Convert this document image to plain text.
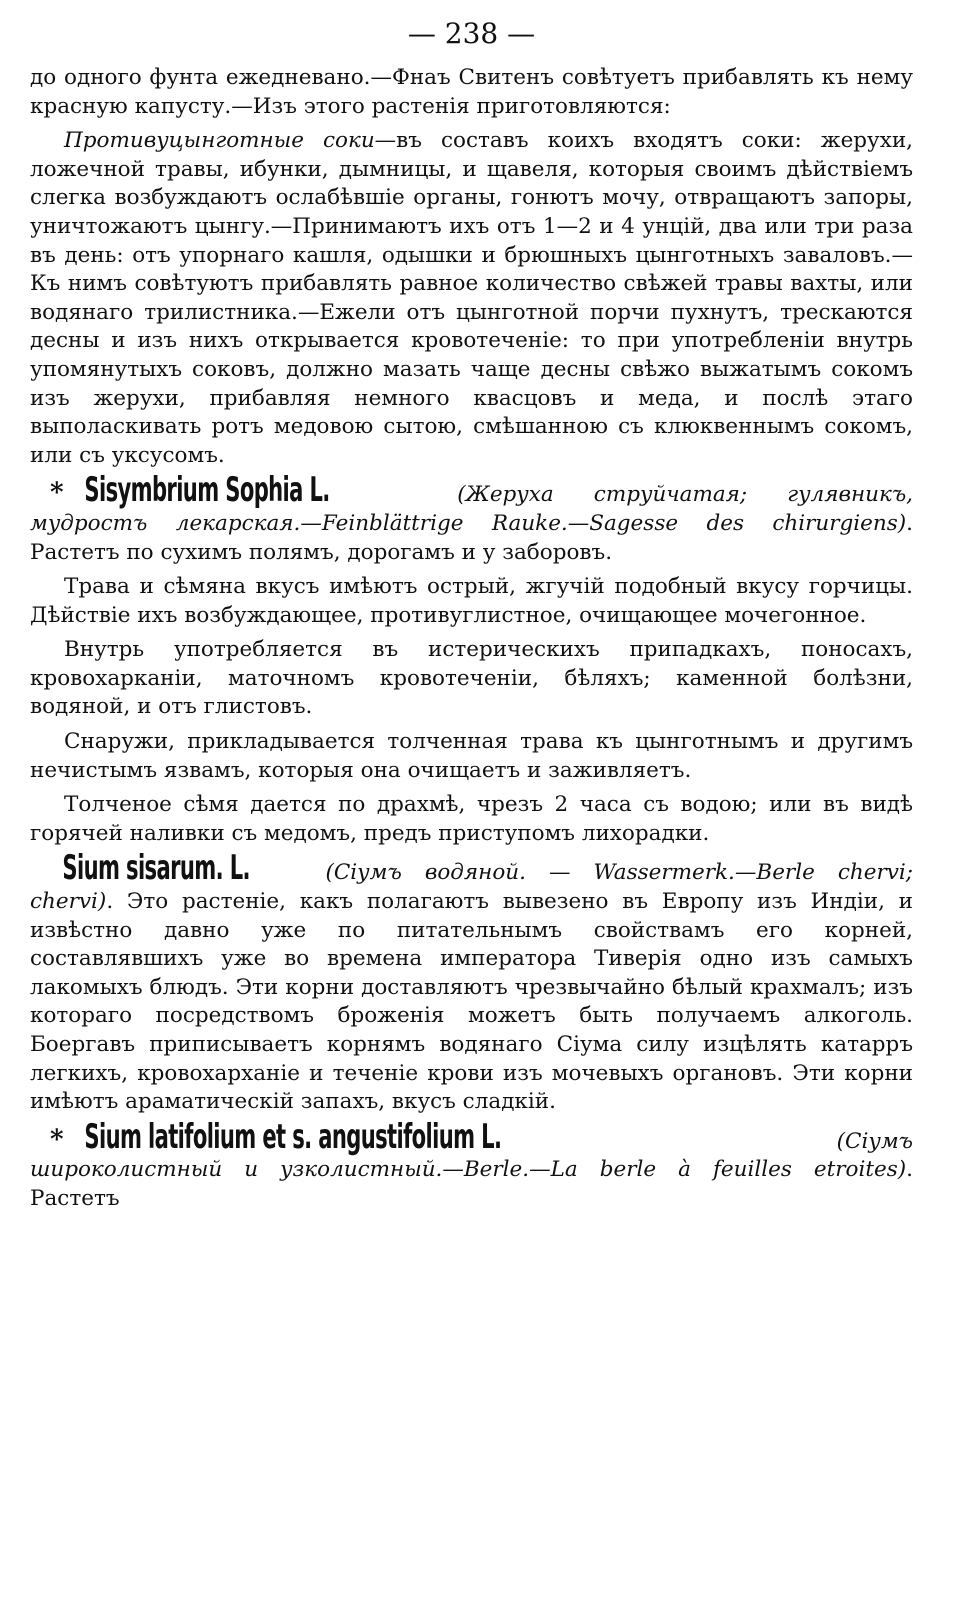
— 238 —

до одного фунта ежедневано.—Фнаъ Свитенъ совѣтуетъ прибавлять къ нему красную капусту.—Изъ этого растенія приготовляются:

Противуцынготные соки—въ составъ коихъ входятъ соки: жерухи, ложечной травы, ибунки, дымницы, и щавеля, которыя своимъ дѣйствіемъ слегка возбуждаютъ ослабѣвшіе органы, гонютъ мочу, отвращаютъ запоры, уничтожаютъ цынгу.—Принимаютъ ихъ отъ 1—2 и 4 унцій, два или три раза въ день: отъ упорнаго кашля, одышки и брюшныхъ цынготныхъ заваловъ.—Къ нимъ совѣтуютъ прибавлять равное количество свѣжей травы вахты, или водянаго трилистника.—Ежели отъ цынготной порчи пухнутъ, трескаются десны и изъ нихъ открывается кровотеченіе: то при употребленіи внутрь упомянутыхъ соковъ, должно мазать чаще десны свѣжо выжатымъ сокомъ изъ жерухи, прибавляя немного квасцовъ и меда, и послѣ этаго выполаскивать ротъ медовою сытою, смѣшанною съ клюквеннымъ сокомъ, или съ уксусомъ.

* Sisymbrium Sophia L.	(Жеруха струйчатая; гулявникъ, мудростъ лекарская.—Feinblättrige Rauke.—Sagesse des chirurgiens). Растетъ по сухимъ полямъ, дорогамъ и у заборовъ.

Трава и сѣмяна вкусъ имѣютъ острый, жгучій подобный вкусу горчицы. Дѣйствіе ихъ возбуждающее, противуглистное, очищающее мочегонное.

Внутрь употребляется въ истерическихъ припадкахъ, поносахъ, кровохарканіи, маточномъ кровотеченіи, бѣляхъ; каменной болѣзни, водяной, и отъ глистовъ.

Снаружи, прикладывается толченная трава къ цынготнымъ и другимъ нечистымъ язвамъ, которыя она очищаетъ и заживляетъ.

Толченое сѣмя дается по драхмѣ, чрезъ 2 часа съ водою; или въ видѣ горячей наливки съ медомъ, предъ приступомъ лихорадки.

Sium sisarum. L.	(Сіумъ водяной. — Wassermerk.—Berle chervi; chervi). Это растеніе, какъ полагаютъ вывезено въ Европу изъ Индіи, и извѣстно давно уже по питательнымъ свойствамъ его корней, составлявшихъ уже во времена императора Тиверія одно изъ самыхъ лакомыхъ блюдъ. Эти корни доставляютъ чрезвычайно бѣлый крахмалъ; изъ котораго посредствомъ броженія можетъ быть получаемъ алкоголь. Боергавъ приписываетъ корнямъ водянаго Сіума силу изцѣлять катарръ легкихъ, кровохарханіе и теченіе крови изъ мочевыхъ органовъ. Эти корни имѣютъ араматическій запахъ, вкусъ сладкій.

* Sium latifolium et s. angustifolium L.	(Сіумъ широколистный и узколистный.—Berle.—La berle à feuilles etroites). Растетъ
